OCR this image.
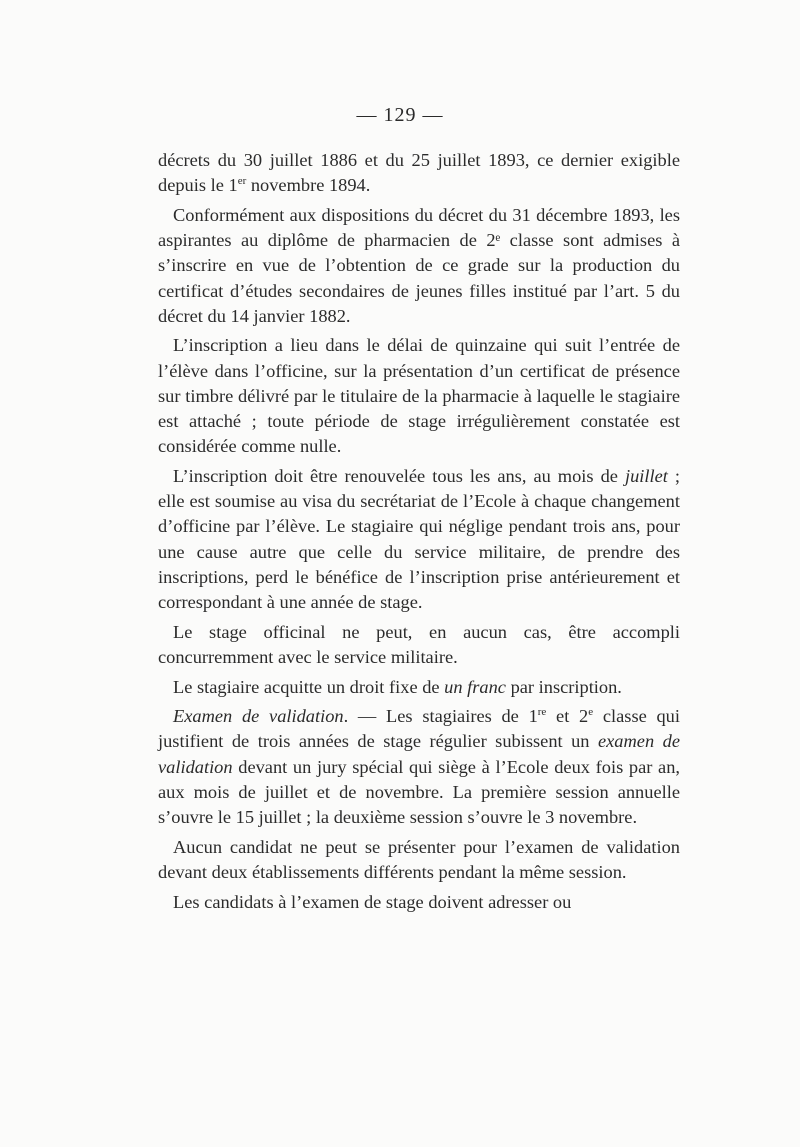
— 129 —

décrets du 30 juillet 1886 et du 25 juillet 1893, ce dernier exigible depuis le 1er novembre 1894.

Conformément aux dispositions du décret du 31 décembre 1893, les aspirantes au diplôme de pharmacien de 2ᵉ classe sont admises à s’inscrire en vue de l’obtention de ce grade sur la production du certificat d’études secondaires de jeunes filles institué par l’art. 5 du décret du 14 janvier 1882.

L’inscription a lieu dans le délai de quinzaine qui suit l’entrée de l’élève dans l’officine, sur la présentation d’un certificat de présence sur timbre délivré par le titulaire de la pharmacie à laquelle le stagiaire est attaché ; toute période de stage irrégulièrement constatée est considérée comme nulle.

L’inscription doit être renouvelée tous les ans, au mois de juillet ; elle est soumise au visa du secrétariat de l’Ecole à chaque changement d’officine par l’élève. Le stagiaire qui néglige pendant trois ans, pour une cause autre que celle du service militaire, de prendre des inscriptions, perd le bénéfice de l’inscription prise antérieurement et correspondant à une année de stage.

Le stage officinal ne peut, en aucun cas, être accompli concurremment avec le service militaire.

Le stagiaire acquitte un droit fixe de un franc par inscription.

Examen de validation. — Les stagiaires de 1re et 2e classe qui justifient de trois années de stage régulier subissent un examen de validation devant un jury spécial qui siège à l’Ecole deux fois par an, aux mois de juillet et de novembre. La première session annuelle s’ouvre le 15 juillet ; la deuxième session s’ouvre le 3 novembre.

Aucun candidat ne peut se présenter pour l’examen de validation devant deux établissements différents pendant la même session.

Les candidats à l’examen de stage doivent adresser ou
